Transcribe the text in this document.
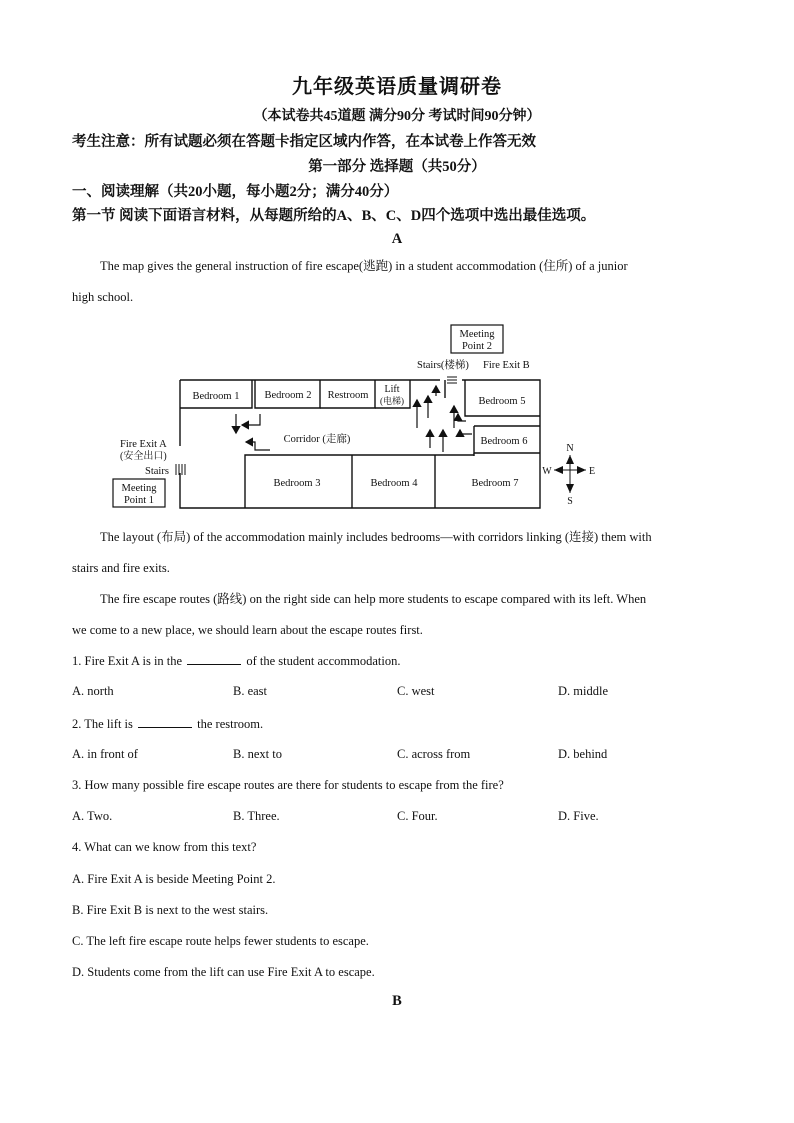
九年级英语质量调研卷
（本试卷共45道题 满分90分 考试时间90分钟）
考生注意：所有试题必须在答题卡指定区域内作答，在本试卷上作答无效
第一部分 选择题（共50分）
一、阅读理解（共20小题，每小题2分；满分40分）
第一节 阅读下面语言材料，从每题所给的A、B、C、D四个选项中选出最佳选项。
A
The map gives the general instruction of fire escape(逃跑) in a student accommodation (住所) of a junior
high school.
Meeting
Point 2
Stairs(楼梯) Fire Exit B
Bedroom 1 Bedroom 2 Restroom
Lift
(电梯)	Bedroom 5
Bedroom 6
Corridor (走廊)
Bedroom 3	Bedroom 4	Bedroom 7
Fire Exit A
(安全出口)
Stairs
Meeting
Point 1
N
S
W	E
The layout (布局) of the accommodation mainly includes bedrooms—with corridors linking (连接) them with
stairs and fire exits.
The fire escape routes (路线) on the right side can help more students to escape compared with its left. When
we come to a new place, we should learn about the escape routes first.
1. Fire Exit A is in the	of the student accommodation.
A. north	B. east	C. west	D. middle
2. The lift is	the restroom.
A. in front of	B. next to	C. across from	D. behind
3. How many possible fire escape routes are there for students to escape from the fire?
A. Two.	B. Three.	C. Four.	D. Five.
4. What can we know from this text?
A. Fire Exit A is beside Meeting Point 2.
B. Fire Exit B is next to the west stairs.
C. The left fire escape route helps fewer students to escape.
D. Students come from the lift can use Fire Exit A to escape.
B
